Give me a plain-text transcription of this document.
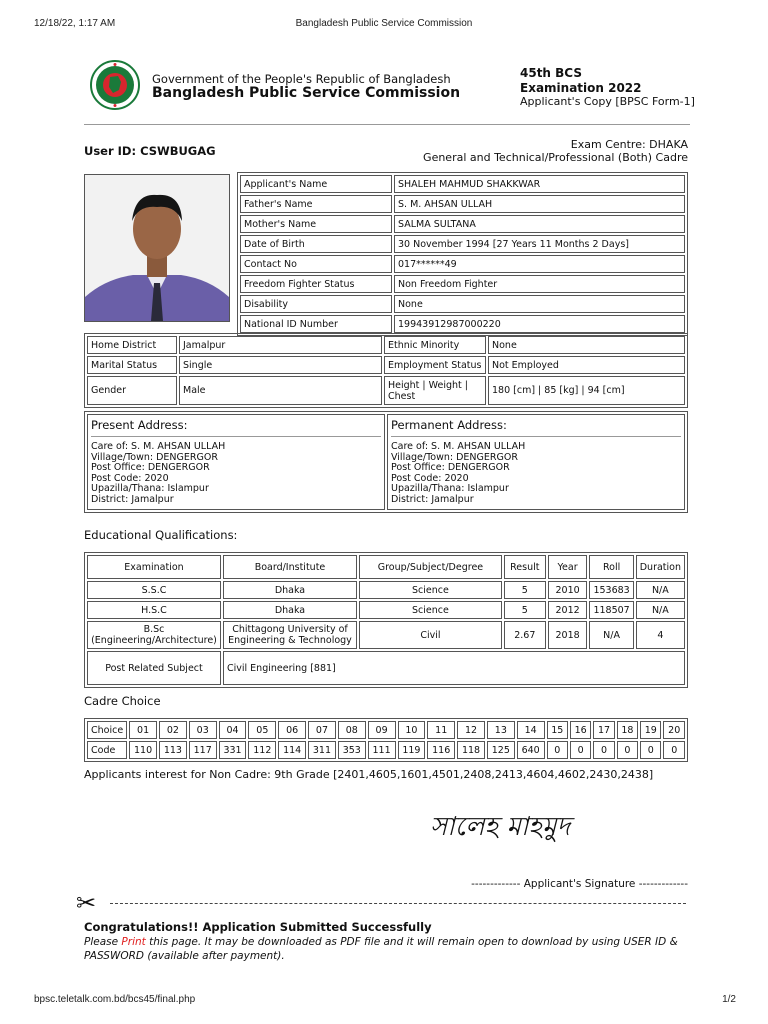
12/18/22, 1:17 AM	Bangladesh Public Service Commission
Government of the People's Republic of Bangladesh
Bangladesh Public Service Commission
45th BCS
Examination 2022
Applicant's Copy [BPSC Form-1]
User ID: CSWBUGAG	Exam Centre: DHAKA
General and Technical/Professional (Both) Cadre
Applicant's Name	SHALEH MAHMUD SHAKKWAR
Father's Name	S. M. AHSAN ULLAH
Mother's Name	SALMA SULTANA
Date of Birth	30 November 1994 [27 Years 11 Months 2 Days]
Contact No	017******49
Freedom Fighter Status	Non Freedom Fighter
Disability	None
National ID Number	19943912987000220
Home District	Jamalpur	Ethnic Minority	None
Marital Status	Single	Employment Status	Not Employed
Gender	Male	Height | Weight | Chest	180 [cm] | 85 [kg] | 94 [cm]
Present Address:
Care of: S. M. AHSAN ULLAH
Village/Town: DENGERGOR
Post Office: DENGERGOR
Post Code: 2020
Upazilla/Thana: Islampur
District: Jamalpur

Permanent Address:
Care of: S. M. AHSAN ULLAH
Village/Town: DENGERGOR
Post Office: DENGERGOR
Post Code: 2020
Upazilla/Thana: Islampur
District: Jamalpur
Educational Qualifications:
Examination	Board/Institute	Group/Subject/Degree	Result	Year	Roll	Duration
S.S.C	Dhaka	Science	5	2010	153683	N/A
H.S.C	Dhaka	Science	5	2012	118507	N/A
B.Sc (Engineering/Architecture)	Chittagong University of Engineering & Technology	Civil	2.67	2018	N/A	4
Post Related Subject	Civil Engineering [881]					
Cadre Choice
Choice	01	02	03	04	05	06	07	08	09	10	11	12	13	14	15	16	17	18	19	20
Code	110	113	117	331	112	114	311	353	111	119	116	118	125	640	0	0	0	0	0	0
Applicants interest for Non Cadre: 9th Grade [2401,4605,1601,4501,2408,2413,4604,4602,2430,2438]
সালেহ মাহমুদ
------------- Applicant's Signature -------------
✂
Congratulations!! Application Submitted Successfully
Please Print this page. It may be downloaded as PDF file and it will remain open to download by using USER ID & PASSWORD (available after payment).
bpsc.teletalk.com.bd/bcs45/final.php	1/2
